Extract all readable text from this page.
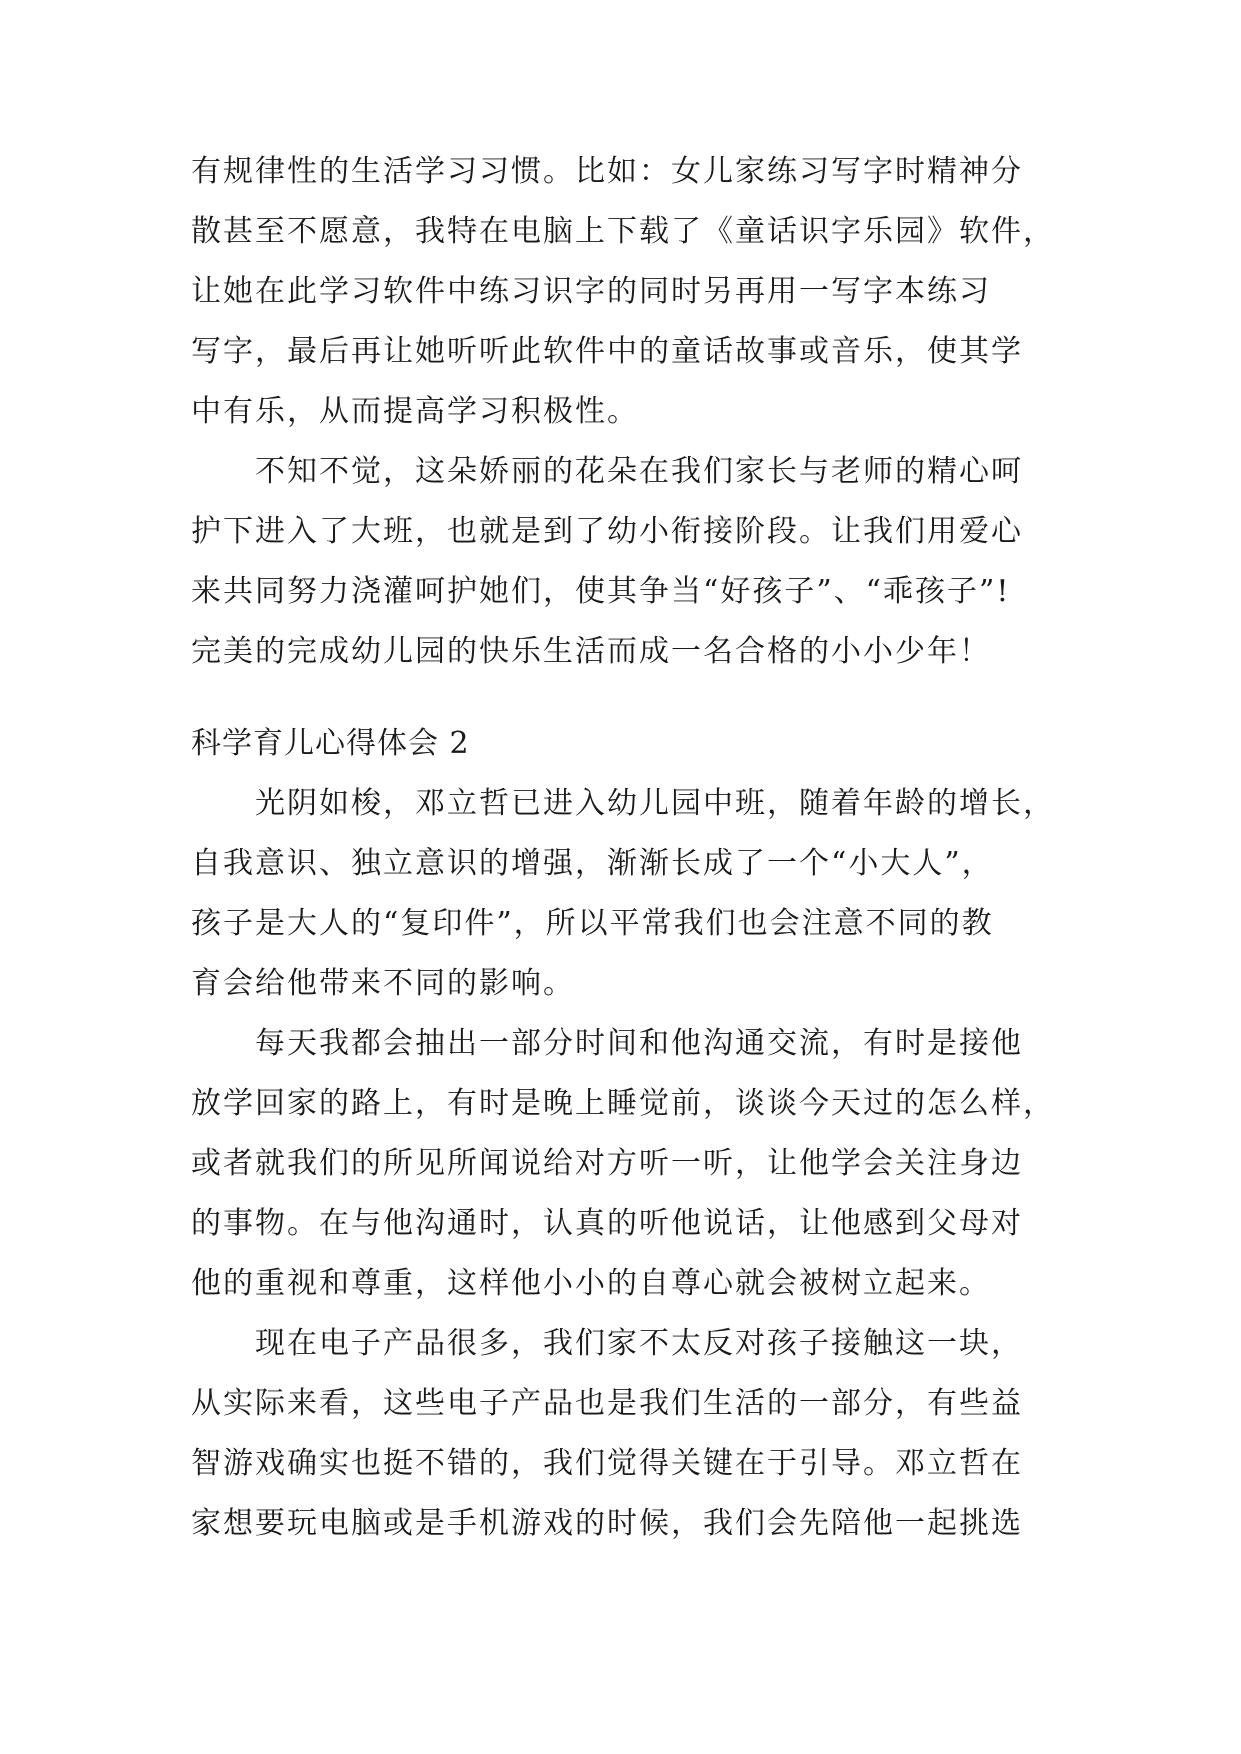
有规律性的生活学习习惯。比如：女儿家练习写字时精神分
散甚至不愿意，我特在电脑上下载了《童话识字乐园》软件，
让她在此学习软件中练习识字的同时另再用一写字本练习
写字，最后再让她听听此软件中的童话故事或音乐，使其学
中有乐，从而提高学习积极性。
　　不知不觉，这朵娇丽的花朵在我们家长与老师的精心呵
护下进入了大班，也就是到了幼小衔接阶段。让我们用爱心
来共同努力浇灌呵护她们，使其争当“好孩子”、“乖孩子”!
完美的完成幼儿园的快乐生活而成一名合格的小小少年！
科学育儿心得体会 2
　　光阴如梭，邓立哲已进入幼儿园中班，随着年龄的增长，
自我意识、独立意识的增强，渐渐长成了一个“小大人”，
孩子是大人的“复印件”，所以平常我们也会注意不同的教
育会给他带来不同的影响。
　　每天我都会抽出一部分时间和他沟通交流，有时是接他
放学回家的路上，有时是晚上睡觉前，谈谈今天过的怎么样，
或者就我们的所见所闻说给对方听一听，让他学会关注身边
的事物。在与他沟通时，认真的听他说话，让他感到父母对
他的重视和尊重，这样他小小的自尊心就会被树立起来。
　　现在电子产品很多，我们家不太反对孩子接触这一块，
从实际来看，这些电子产品也是我们生活的一部分，有些益
智游戏确实也挺不错的，我们觉得关键在于引导。邓立哲在
家想要玩电脑或是手机游戏的时候，我们会先陪他一起挑选
